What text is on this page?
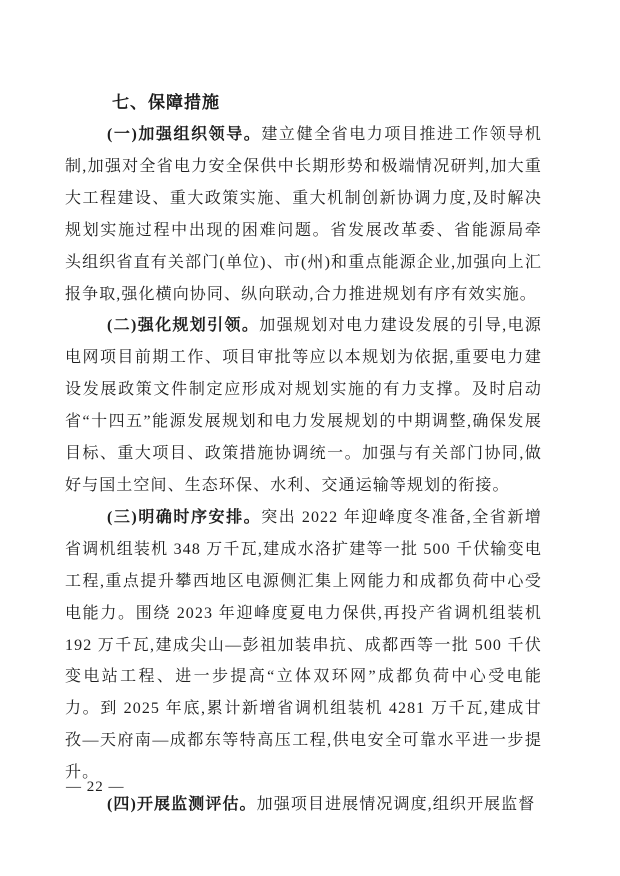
七、保障措施

(一)加强组织领导。建立健全省电力项目推进工作领导机制,加强对全省电力安全保供中长期形势和极端情况研判,加大重大工程建设、重大政策实施、重大机制创新协调力度,及时解决规划实施过程中出现的困难问题。省发展改革委、省能源局牵头组织省直有关部门(单位)、市(州)和重点能源企业,加强向上汇报争取,强化横向协同、纵向联动,合力推进规划有序有效实施。

(二)强化规划引领。加强规划对电力建设发展的引导,电源电网项目前期工作、项目审批等应以本规划为依据,重要电力建设发展政策文件制定应形成对规划实施的有力支撑。及时启动省“十四五”能源发展规划和电力发展规划的中期调整,确保发展目标、重大项目、政策措施协调统一。加强与有关部门协同,做好与国土空间、生态环保、水利、交通运输等规划的衔接。

(三)明确时序安排。突出 2022 年迎峰度冬准备,全省新增省调机组装机 348 万千瓦,建成水洛扩建等一批 500 千伏输变电工程,重点提升攀西地区电源侧汇集上网能力和成都负荷中心受电能力。围绕 2023 年迎峰度夏电力保供,再投产省调机组装机 192 万千瓦,建成尖山—彭祖加装串抗、成都西等一批 500 千伏变电站工程、进一步提高“立体双环网”成都负荷中心受电能力。到 2025 年底,累计新增省调机组装机 4281 万千瓦,建成甘孜—天府南—成都东等特高压工程,供电安全可靠水平进一步提升。

(四)开展监测评估。加强项目进展情况调度,组织开展监督

— 22 —
